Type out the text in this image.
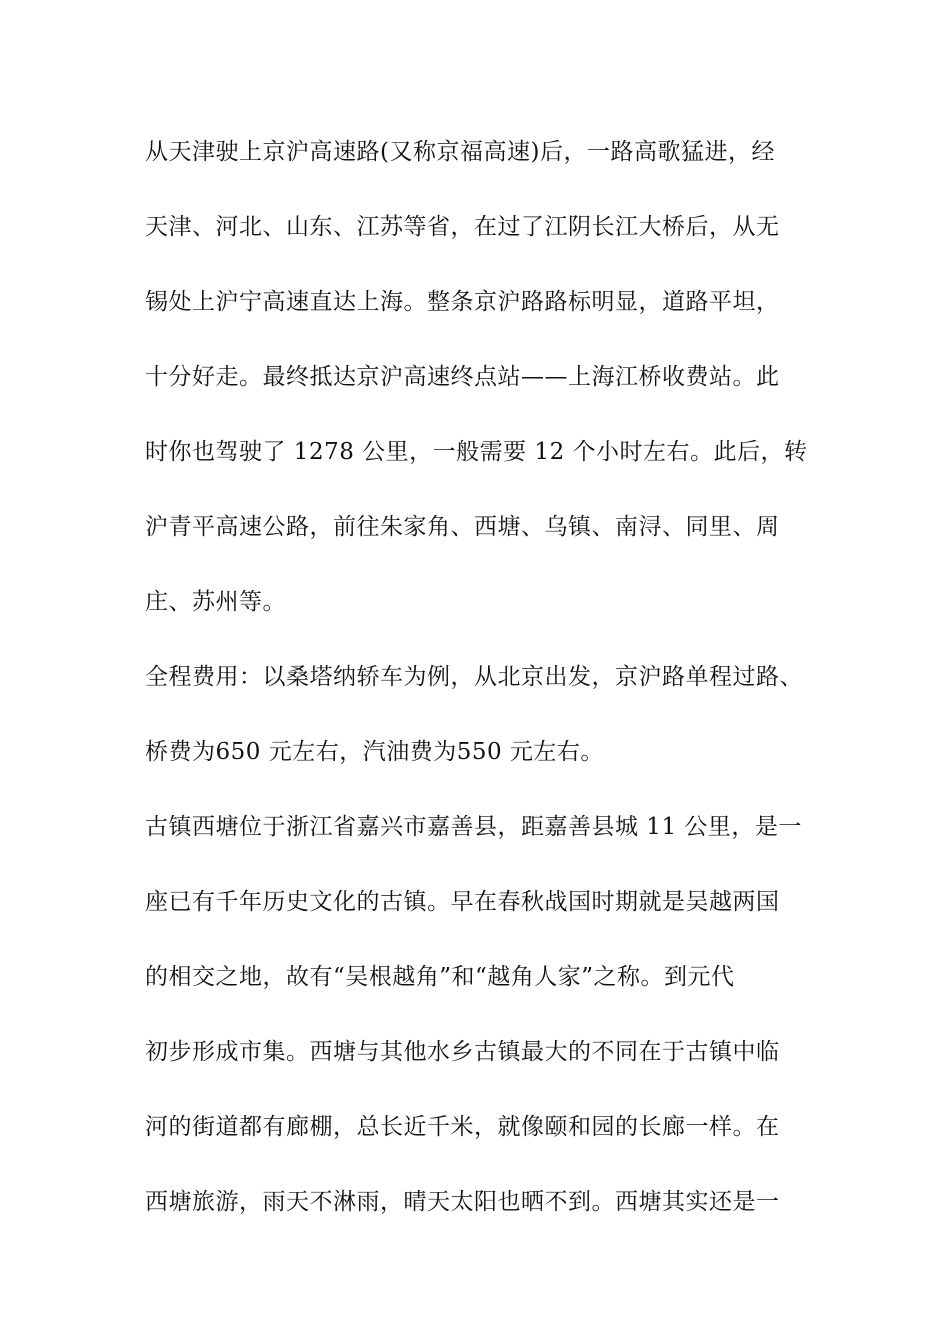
从天津驶上京沪高速路(又称京福高速)后，一路高歌猛进，经
天津、河北、山东、江苏等省，在过了江阴长江大桥后，从无
锡处上沪宁高速直达上海。整条京沪路路标明显，道路平坦，
十分好走。最终抵达京沪高速终点站——上海江桥收费站。此
时你也驾驶了 1278 公里，一般需要 12 个小时左右。此后，转
沪青平高速公路，前往朱家角、西塘、乌镇、南浔、同里、周
庄、苏州等。
全程费用：以桑塔纳轿车为例，从北京出发，京沪路单程过路、
桥费为650 元左右，汽油费为550 元左右。
古镇西塘位于浙江省嘉兴市嘉善县，距嘉善县城 11 公里，是一
座已有千年历史文化的古镇。早在春秋战国时期就是吴越两国
的相交之地，故有“吴根越角”和“越角人家”之称。到元代
初步形成市集。西塘与其他水乡古镇最大的不同在于古镇中临
河的街道都有廊棚，总长近千米，就像颐和园的长廊一样。在
西塘旅游，雨天不淋雨，晴天太阳也晒不到。西塘其实还是一
